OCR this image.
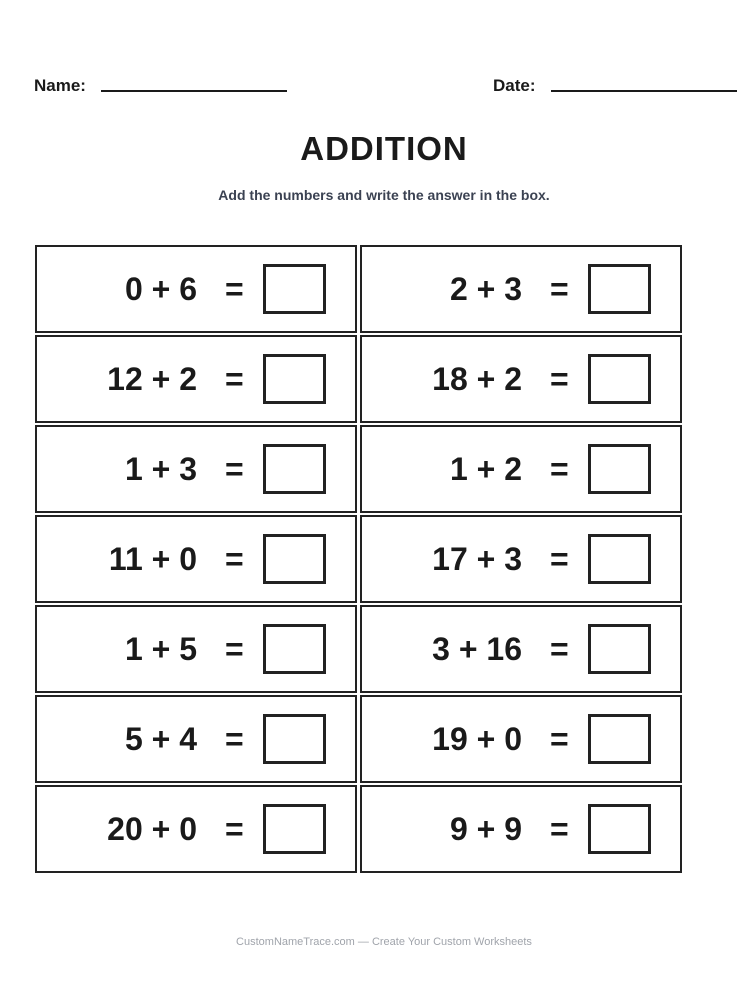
Name:	Date:
ADDITION
Add the numbers and write the answer in the box.
0 + 6 =	2 + 3 =
12 + 2 =	18 + 2 =
1 + 3 =	1 + 2 =
11 + 0 =	17 + 3 =
1 + 5 =	3 + 16 =
5 + 4 =	19 + 0 =
20 + 0 =	9 + 9 =
CustomNameTrace.com — Create Your Custom Worksheets
